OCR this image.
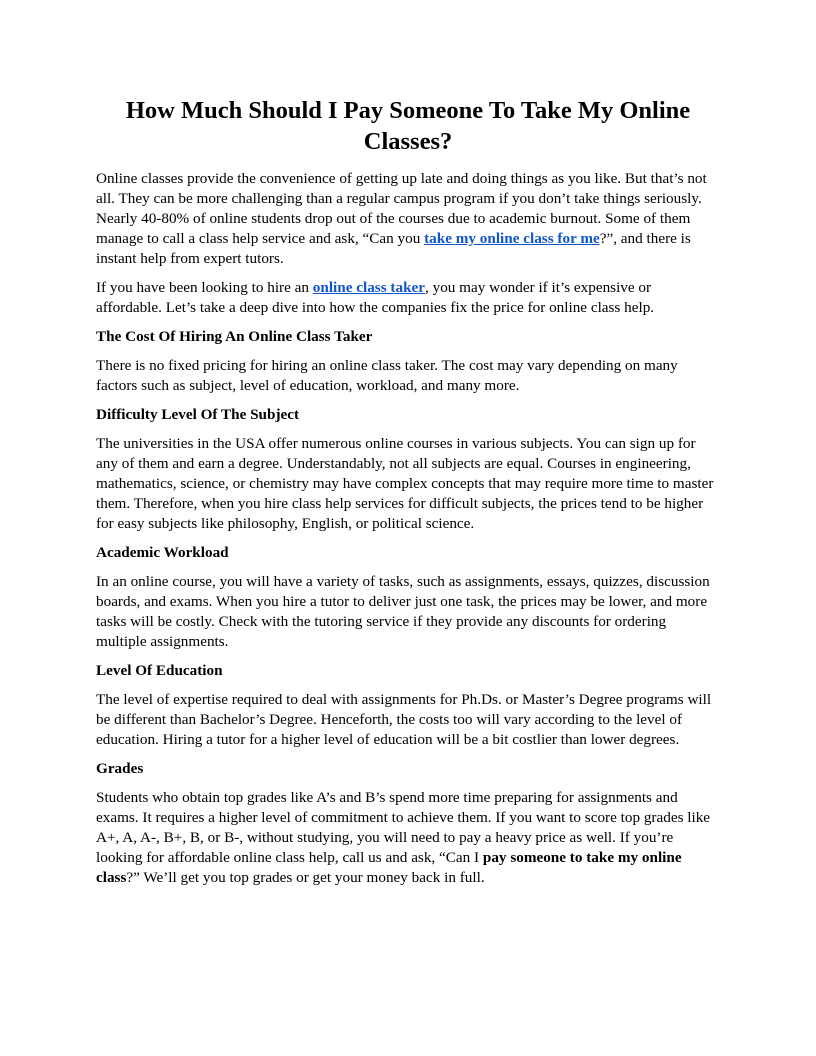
How Much Should I Pay Someone To Take My Online Classes?

Online classes provide the convenience of getting up late and doing things as you like. But that’s not all. They can be more challenging than a regular campus program if you don’t take things seriously. Nearly 40-80% of online students drop out of the courses due to academic burnout. Some of them manage to call a class help service and ask, “Can you take my online class for me?”, and there is instant help from expert tutors.

If you have been looking to hire an online class taker, you may wonder if it’s expensive or affordable. Let’s take a deep dive into how the companies fix the price for online class help.

The Cost Of Hiring An Online Class Taker

There is no fixed pricing for hiring an online class taker. The cost may vary depending on many factors such as subject, level of education, workload, and many more.

Difficulty Level Of The Subject

The universities in the USA offer numerous online courses in various subjects. You can sign up for any of them and earn a degree. Understandably, not all subjects are equal. Courses in engineering, mathematics, science, or chemistry may have complex concepts that may require more time to master them. Therefore, when you hire class help services for difficult subjects, the prices tend to be higher for easy subjects like philosophy, English, or political science.

Academic Workload

In an online course, you will have a variety of tasks, such as assignments, essays, quizzes, discussion boards, and exams. When you hire a tutor to deliver just one task, the prices may be lower, and more tasks will be costly. Check with the tutoring service if they provide any discounts for ordering multiple assignments.

Level Of Education

The level of expertise required to deal with assignments for Ph.Ds. or Master’s Degree programs will be different than Bachelor’s Degree. Henceforth, the costs too will vary according to the level of education. Hiring a tutor for a higher level of education will be a bit costlier than lower degrees.

Grades

Students who obtain top grades like A’s and B’s spend more time preparing for assignments and exams. It requires a higher level of commitment to achieve them. If you want to score top grades like A+, A, A-, B+, B, or B-, without studying, you will need to pay a heavy price as well. If you’re looking for affordable online class help, call us and ask, “Can I pay someone to take my online class?” We’ll get you top grades or get your money back in full.
